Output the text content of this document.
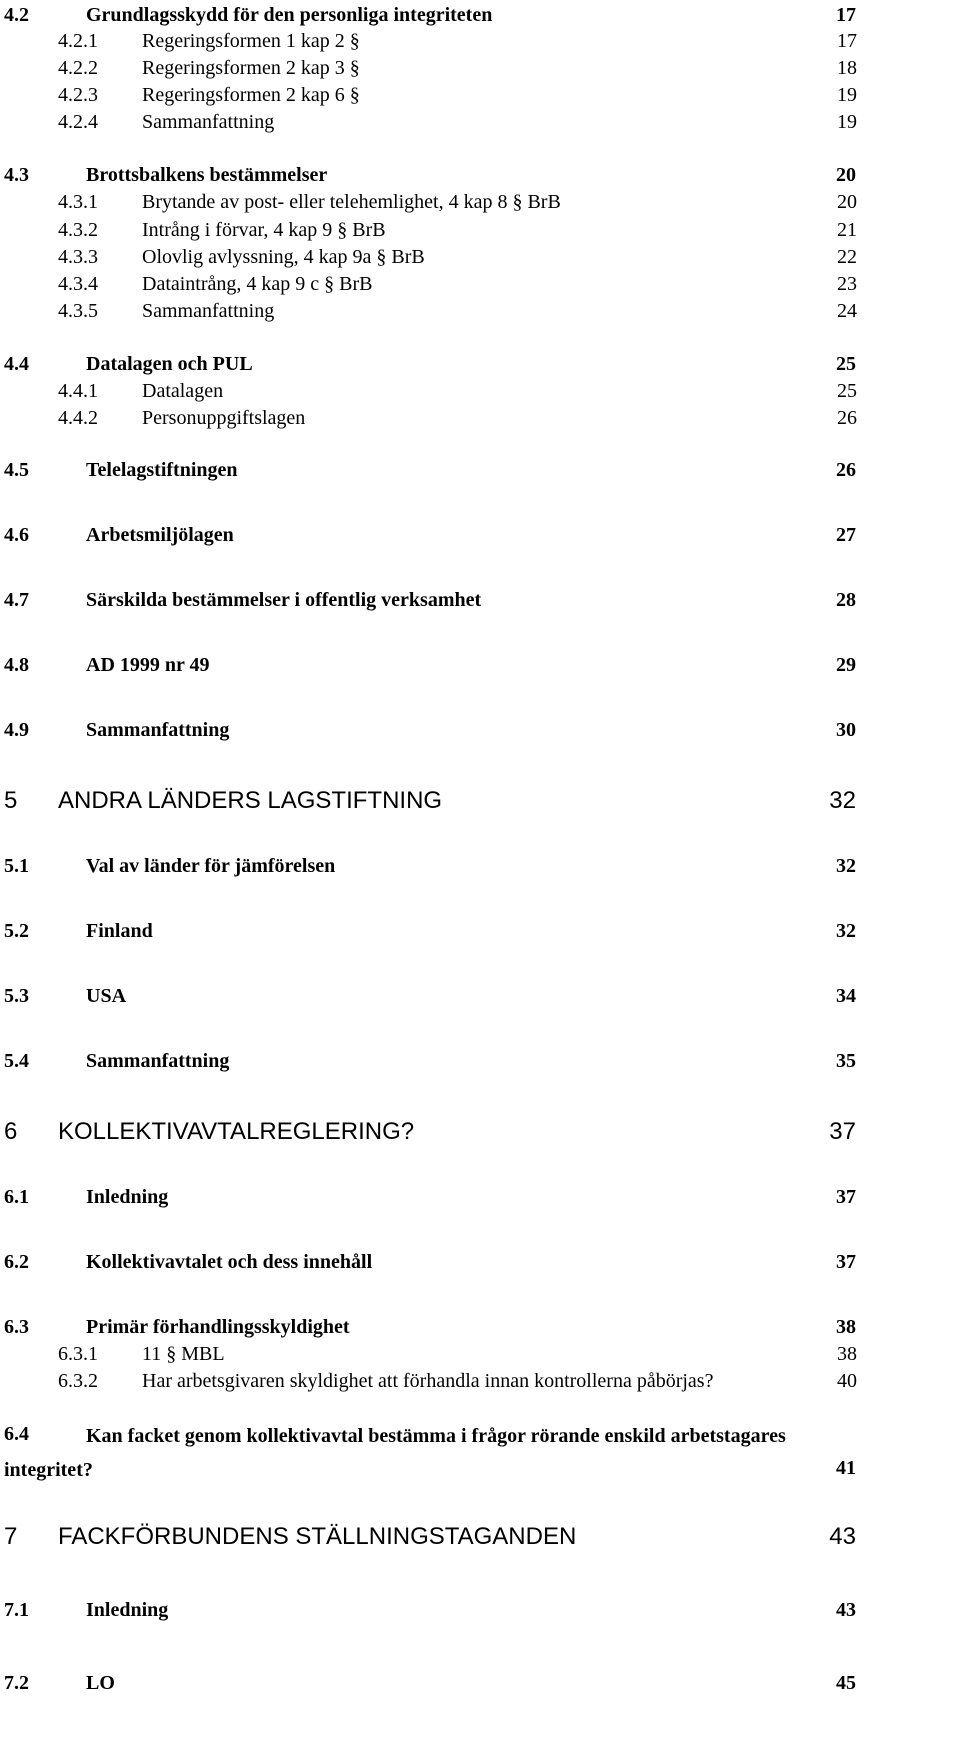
4.2	Grundlagsskydd för den personliga integriteten	17
4.2.1 Regeringsformen 1 kap 2 §	17
4.2.2 Regeringsformen 2 kap 3 §	18
4.2.3 Regeringsformen 2 kap 6 §	19
4.2.4 Sammanfattning	19
4.3	Brottsbalkens bestämmelser	20
4.3.1 Brytande av post- eller telehemlighet, 4 kap 8 § BrB	20
4.3.2 Intrång i förvar, 4 kap 9 § BrB	21
4.3.3 Olovlig avlyssning, 4 kap 9a § BrB	22
4.3.4 Dataintrång, 4 kap 9 c § BrB	23
4.3.5 Sammanfattning	24
4.4	Datalagen och PUL	25
4.4.1 Datalagen	25
4.4.2 Personuppgiftslagen	26
4.5	Telelagstiftningen	26
4.6	Arbetsmiljölagen	27
4.7	Särskilda bestämmelser i offentlig verksamhet	28
4.8	AD 1999 nr 49	29
4.9	Sammanfattning	30
5 ANDRA LÄNDERS LAGSTIFTNING	32
5.1	Val av länder för jämförelsen	32
5.2	Finland	32
5.3	USA	34
5.4	Sammanfattning	35
6 KOLLEKTIVAVTALREGLERING?	37
6.1	Inledning	37
6.2	Kollektivavtalet och dess innehåll	37
6.3	Primär förhandlingsskyldighet	38
6.3.1 11 § MBL	38
6.3.2 Har arbetsgivaren skyldighet att förhandla innan kontrollerna påbörjas?	40
6.4	Kan facket genom kollektivavtal bestämma i frågor rörande enskild arbetstagares integritet?	41
7 FACKFÖRBUNDENS STÄLLNINGSTAGANDEN	43
7.1	Inledning	43
7.2	LO	45
